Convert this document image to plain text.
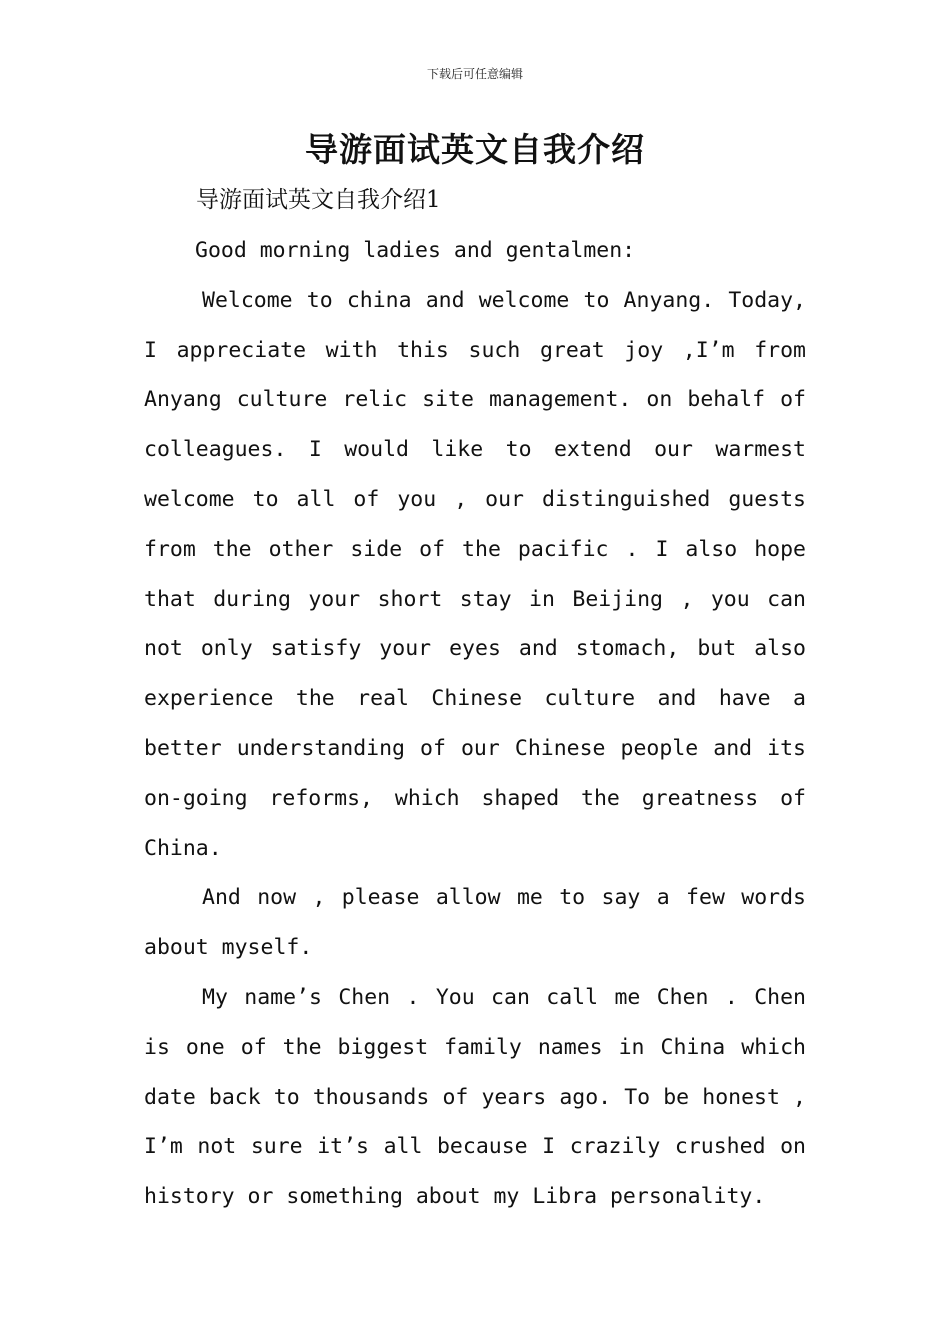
下载后可任意编辑
导游面试英文自我介绍
导游面试英文自我介绍1

Good morning ladies and gentalmen:

Welcome to china and welcome to Anyang. Today, I appreciate with this such great joy ,I’m from Anyang culture relic site management. on behalf of colleagues. I would like to extend our warmest welcome to all of you , our distinguished guests from the other side of the pacific . I also hope that during your short stay in Beijing , you can not only satisfy your eyes and stomach, but also experience the real Chinese culture and have a better understanding of our Chinese people and its on-going reforms, which shaped the greatness of China.

And now , please allow me to say a few words about myself.

My name’s Chen . You can call me Chen . Chen is one of the biggest family names in China which date back to thousands of years ago. To be honest , I’m not sure it’s all because I crazily crushed on history or something about my Libra personality.
